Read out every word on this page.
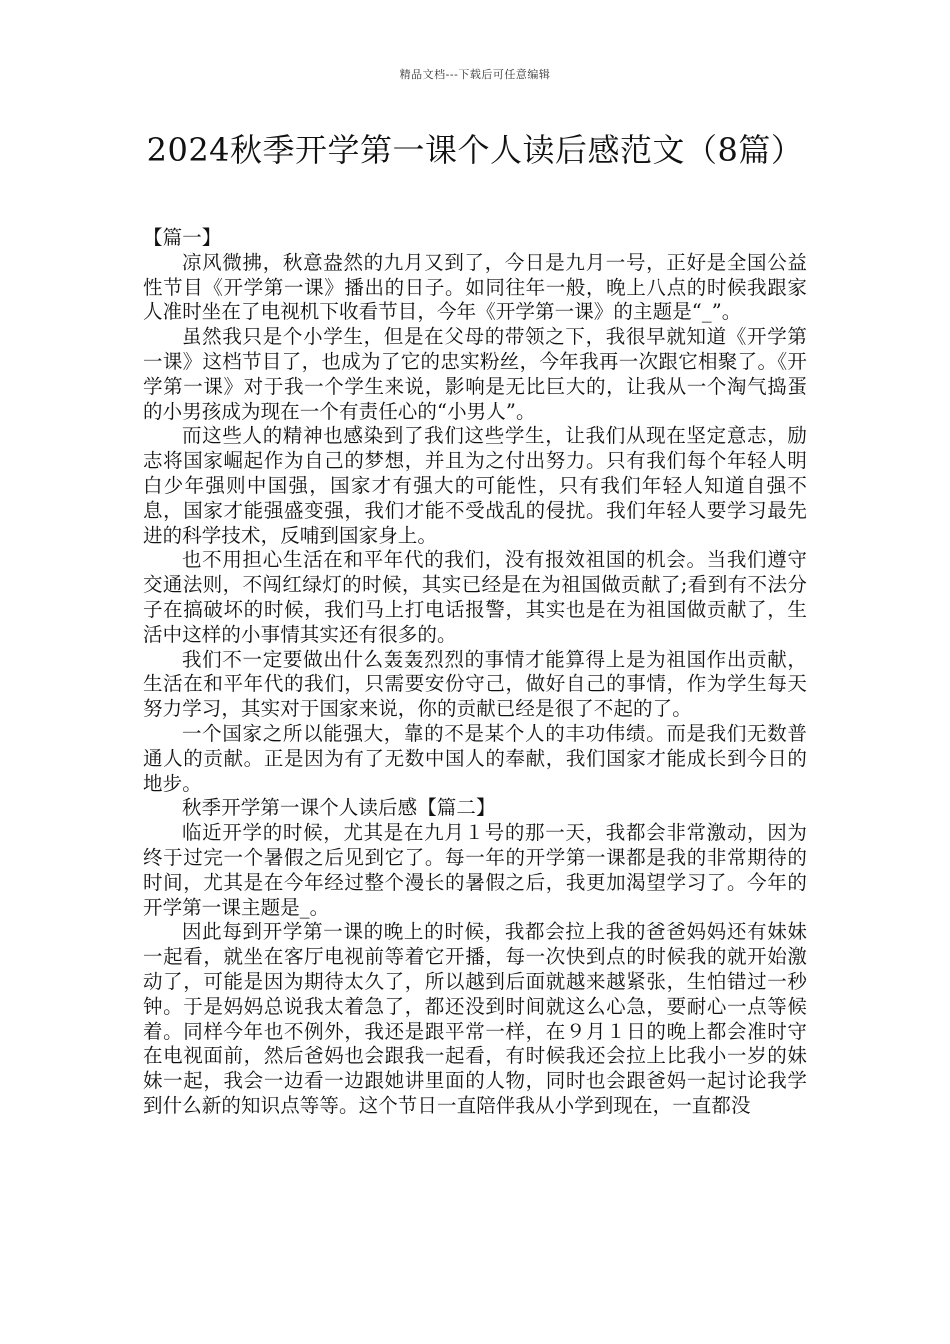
精品文档---下载后可任意编辑
2024秋季开学第一课个人读后感范文（8篇）

【篇一】

凉风微拂，秋意盎然的九月又到了，今日是九月一号，正好是全国公益性节目《开学第一课》播出的日子。如同往年一般，晚上八点的时候我跟家人准时坐在了电视机下收看节目，今年《开学第一课》的主题是“_”。

虽然我只是个小学生，但是在父母的带领之下，我很早就知道《开学第一课》这档节目了，也成为了它的忠实粉丝，今年我再一次跟它相聚了。《开学第一课》对于我一个学生来说，影响是无比巨大的，让我从一个淘气捣蛋的小男孩成为现在一个有责任心的“小男人”。

而这些人的精神也感染到了我们这些学生，让我们从现在坚定意志，励志将国家崛起作为自己的梦想，并且为之付出努力。只有我们每个年轻人明白少年强则中国强，国家才有强大的可能性，只有我们年轻人知道自强不息，国家才能强盛变强，我们才能不受战乱的侵扰。我们年轻人要学习最先进的科学技术，反哺到国家身上。

也不用担心生活在和平年代的我们，没有报效祖国的机会。当我们遵守交通法则，不闯红绿灯的时候，其实已经是在为祖国做贡献了;看到有不法分子在搞破坏的时候，我们马上打电话报警，其实也是在为祖国做贡献了，生活中这样的小事情其实还有很多的。

我们不一定要做出什么轰轰烈烈的事情才能算得上是为祖国作出贡献，生活在和平年代的我们，只需要安份守己，做好自己的事情，作为学生每天努力学习，其实对于国家来说，你的贡献已经是很了不起的了。

一个国家之所以能强大，靠的不是某个人的丰功伟绩。而是我们无数普通人的贡献。正是因为有了无数中国人的奉献，我们国家才能成长到今日的地步。

秋季开学第一课个人读后感【篇二】

临近开学的时候，尤其是在九月１号的那一天，我都会非常激动，因为终于过完一个暑假之后见到它了。每一年的开学第一课都是我的非常期待的时间，尤其是在今年经过整个漫长的暑假之后，我更加渴望学习了。今年的开学第一课主题是_。

因此每到开学第一课的晚上的时候，我都会拉上我的爸爸妈妈还有妹妹一起看，就坐在客厅电视前等着它开播，每一次快到点的时候我的就开始激动了，可能是因为期待太久了，所以越到后面就越来越紧张，生怕错过一秒钟。于是妈妈总说我太着急了，都还没到时间就这么心急，要耐心一点等候着。同样今年也不例外，我还是跟平常一样，在９月１日的晚上都会准时守在电视面前，然后爸妈也会跟我一起看，有时候我还会拉上比我小一岁的妹妹一起，我会一边看一边跟她讲里面的人物，同时也会跟爸妈一起讨论我学到什么新的知识点等等。这个节日一直陪伴我从小学到现在，一直都没
